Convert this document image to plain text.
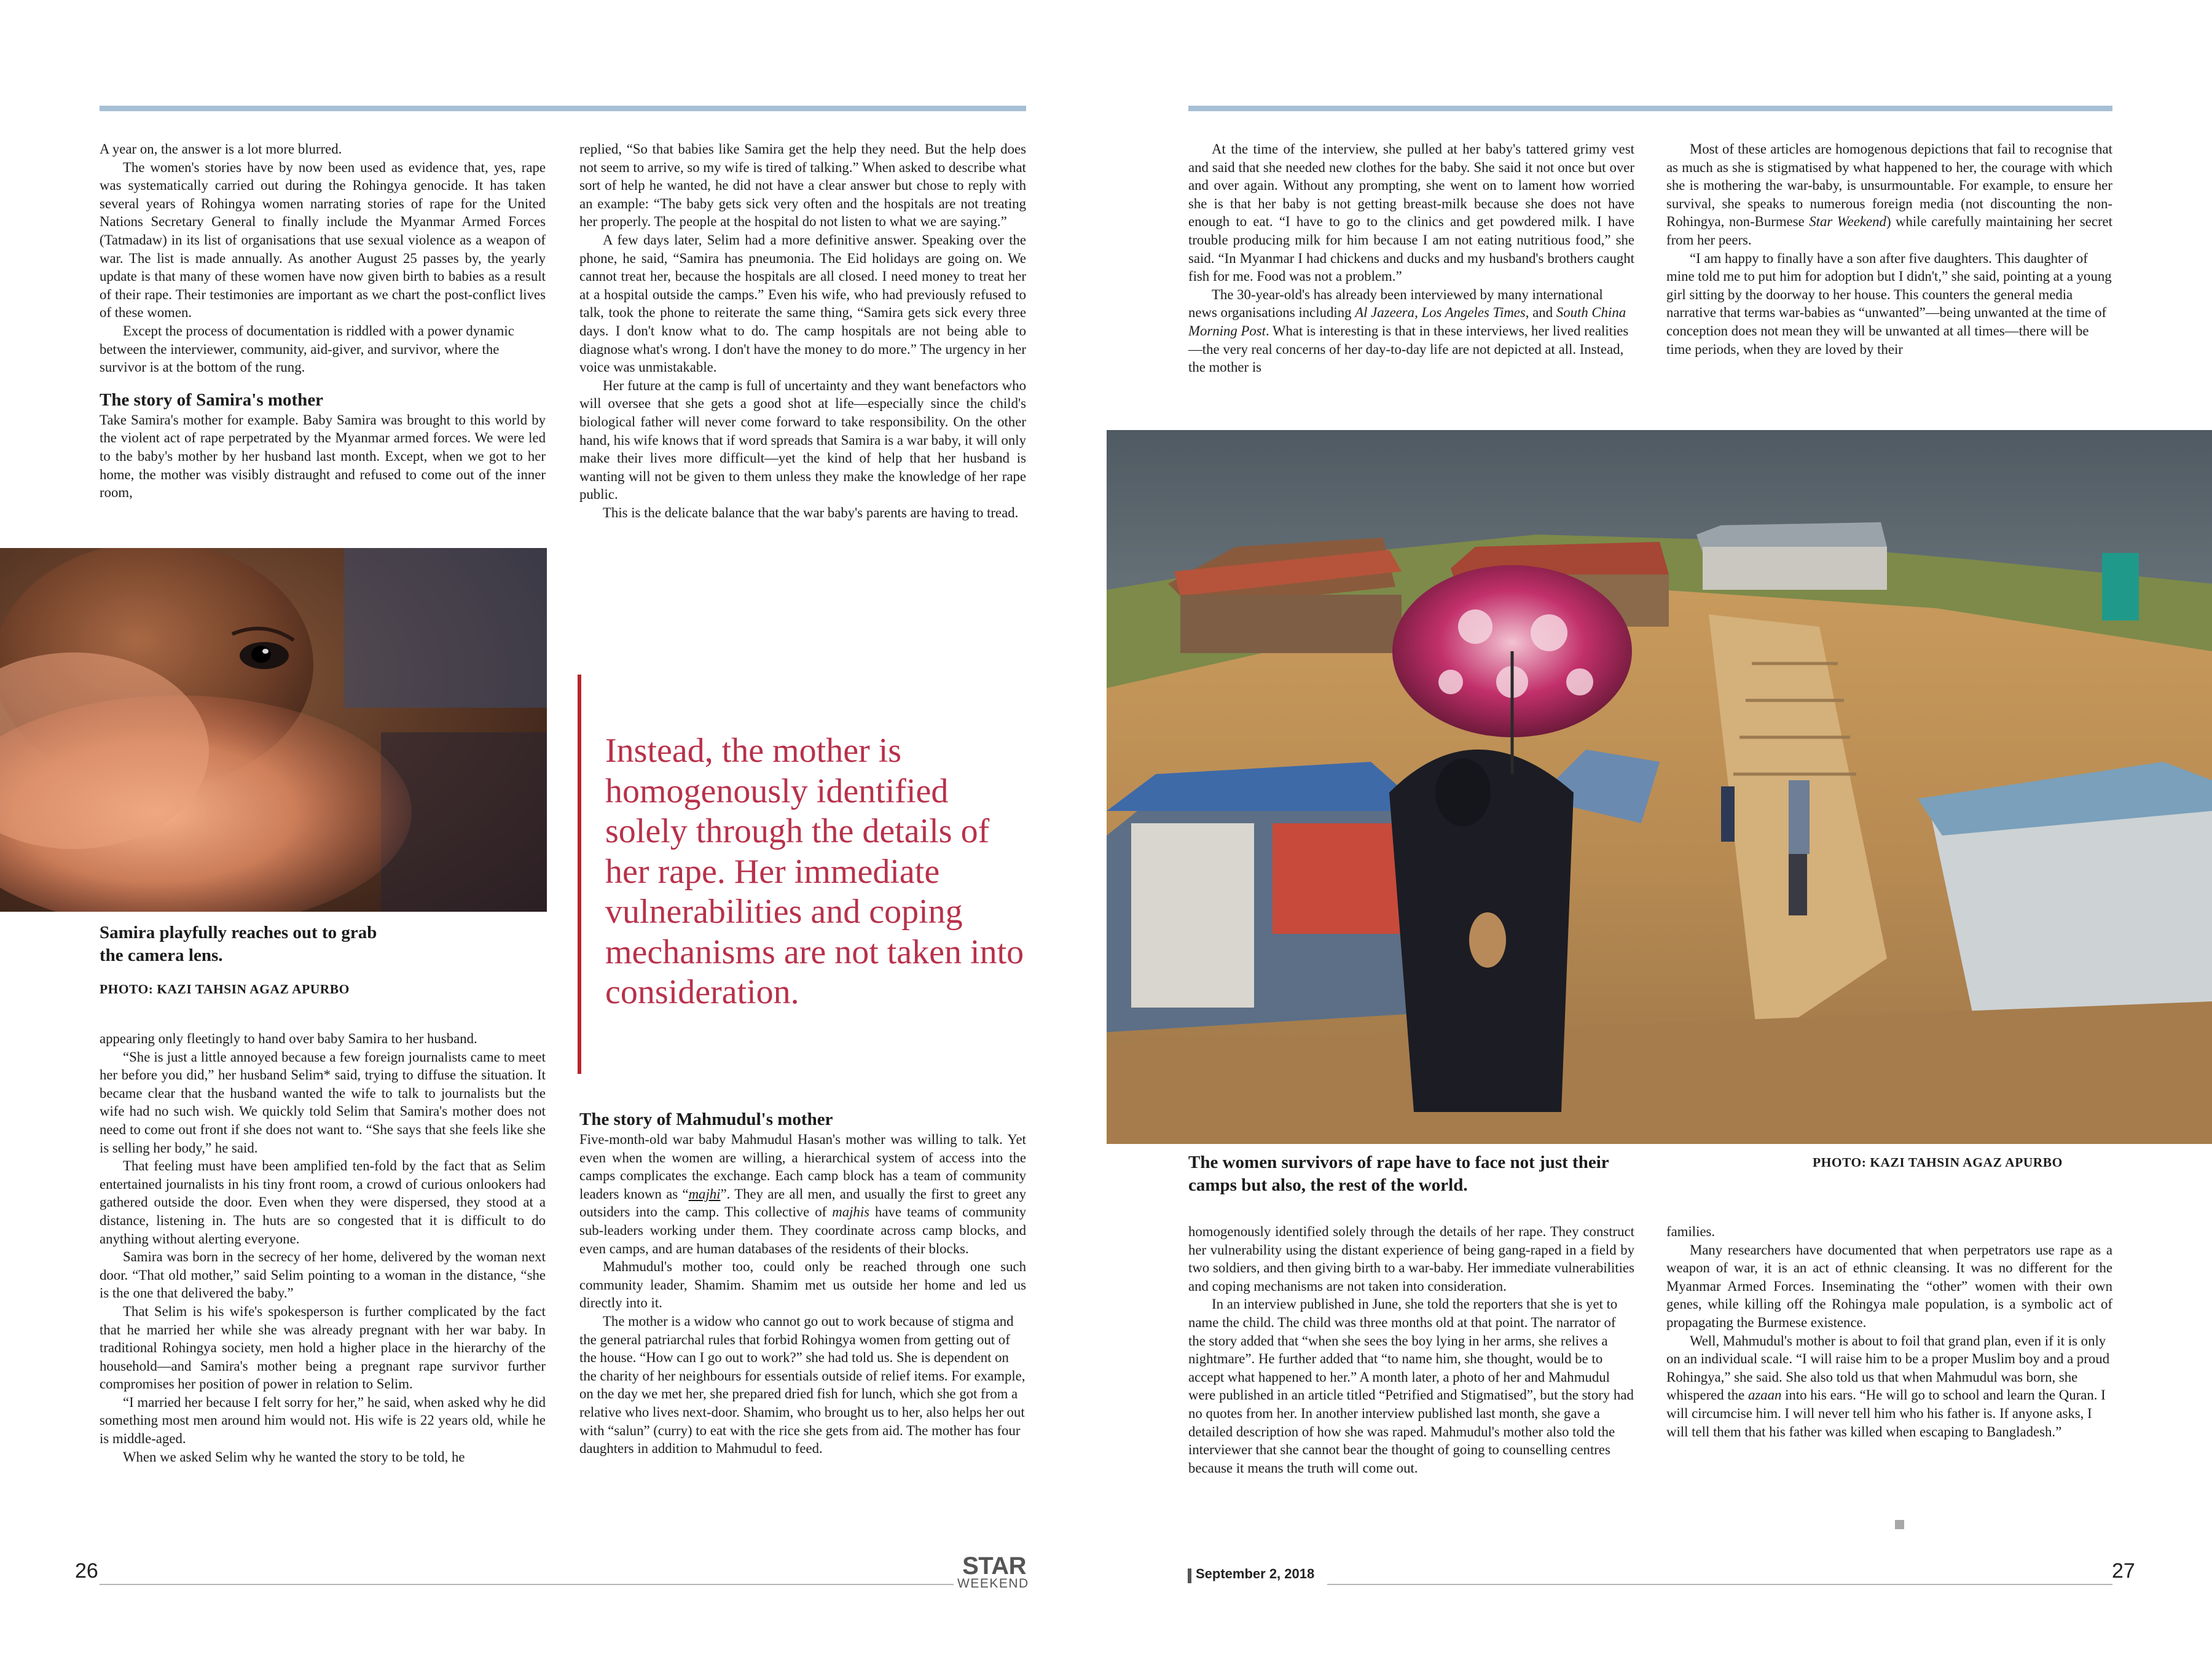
A year on, the answer is a lot more blurred.

The women's stories have by now been used as evidence that, yes, rape was systematically carried out during the Rohingya genocide. It has taken several years of Rohingya women narrating stories of rape for the United Nations Secretary General to finally include the Myanmar Armed Forces (Tatmadaw) in its list of organisations that use sexual violence as a weapon of war. The list is made annually. As another August 25 passes by, the yearly update is that many of these women have now given birth to babies as a result of their rape. Their testimonies are important as we chart the post-conflict lives of these women.

Except the process of documentation is riddled with a power dynamic between the interviewer, community, aid-giver, and survivor, where the survivor is at the bottom of the rung.

The story of Samira's mother

Take Samira's mother for example. Baby Samira was brought to this world by the violent act of rape perpetrated by the Myanmar armed forces. We were led to the baby's mother by her husband last month. Except, when we got to her home, the mother was visibly distraught and refused to come out of the inner room,

Samira playfully reaches out to grab the camera lens.
PHOTO: KAZI TAHSIN AGAZ APURBO

appearing only fleetingly to hand over baby Samira to her husband.

“She is just a little annoyed because a few foreign journalists came to meet her before you did,” her husband Selim* said, trying to diffuse the situation. It became clear that the husband wanted the wife to talk to journalists but the wife had no such wish. We quickly told Selim that Samira's mother does not need to come out front if she does not want to. “She says that she feels like she is selling her body,” he said.

That feeling must have been amplified ten-fold by the fact that as Selim entertained journalists in his tiny front room, a crowd of curious onlookers had gathered outside the door. Even when they were dispersed, they stood at a distance, listening in. The huts are so congested that it is difficult to do anything without alerting everyone.

Samira was born in the secrecy of her home, delivered by the woman next door. “That old mother,” said Selim pointing to a woman in the distance, “she is the one that delivered the baby.”

That Selim is his wife's spokesperson is further complicated by the fact that he married her while she was already pregnant with her war baby. In traditional Rohingya society, men hold a higher place in the hierarchy of the household—and Samira's mother being a pregnant rape survivor further compromises her position of power in relation to Selim.

“I married her because I felt sorry for her,” he said, when asked why he did something most men around him would not. His wife is 22 years old, while he is middle-aged.

When we asked Selim why he wanted the story to be told, he

replied, “So that babies like Samira get the help they need. But the help does not seem to arrive, so my wife is tired of talking.” When asked to describe what sort of help he wanted, he did not have a clear answer but chose to reply with an example: “The baby gets sick very often and the hospitals are not treating her properly. The people at the hospital do not listen to what we are saying.”

A few days later, Selim had a more definitive answer. Speaking over the phone, he said, “Samira has pneumonia. The Eid holidays are going on. We cannot treat her, because the hospitals are all closed. I need money to treat her at a hospital outside the camps.” Even his wife, who had previously refused to talk, took the phone to reiterate the same thing, “Samira gets sick every three days. I don't know what to do. The camp hospitals are not being able to diagnose what's wrong. I don't have the money to do more.” The urgency in her voice was unmistakable.

Her future at the camp is full of uncertainty and they want benefactors who will oversee that she gets a good shot at life—especially since the child's biological father will never come forward to take responsibility. On the other hand, his wife knows that if word spreads that Samira is a war baby, it will only make their lives more difficult—yet the kind of help that her husband is wanting will not be given to them unless they make the knowledge of her rape public.

This is the delicate balance that the war baby's parents are having to tread.

Instead, the mother is homogenously identified solely through the details of her rape. Her immediate vulnerabilities and coping mechanisms are not taken into consideration.
The story of Mahmudul's mother

Five-month-old war baby Mahmudul Hasan's mother was willing to talk. Yet even when the women are willing, a hierarchical system of access into the camps complicates the exchange. Each camp block has a team of community leaders known as “majhi”. They are all men, and usually the first to greet any outsiders into the camp. This collective of majhis have teams of community sub-leaders working under them. They coordinate across camp blocks, and even camps, and are human databases of the residents of their blocks.

Mahmudul's mother too, could only be reached through one such community leader, Shamim. Shamim met us outside her home and led us directly into it.

The mother is a widow who cannot go out to work because of stigma and the general patriarchal rules that forbid Rohingya women from getting out of the house. “How can I go out to work?” she had told us. She is dependent on the charity of her neighbours for essentials outside of relief items. For example, on the day we met her, she prepared dried fish for lunch, which she got from a relative who lives next-door. Shamim, who brought us to her, also helps her out with “salun” (curry) to eat with the rice she gets from aid. The mother has four daughters in addition to Mahmudul to feed.

At the time of the interview, she pulled at her baby's tattered grimy vest and said that she needed new clothes for the baby. She said it not once but over and over again. Without any prompting, she went on to lament how worried she is that her baby is not getting breast-milk because she does not have enough to eat. “I have to go to the clinics and get powdered milk. I have trouble producing milk for him because I am not eating nutritious food,” she said. “In Myanmar I had chickens and ducks and my husband's brothers caught fish for me. Food was not a problem.”

The 30-year-old's has already been interviewed by many international news organisations including Al Jazeera, Los Angeles Times, and South China Morning Post. What is interesting is that in these interviews, her lived realities—the very real concerns of her day-to-day life are not depicted at all. Instead, the mother is

Most of these articles are homogenous depictions that fail to recognise that as much as she is stigmatised by what happened to her, the courage with which she is mothering the war-baby, is unsurmountable. For example, to ensure her survival, she speaks to numerous foreign media (not discounting the non-Rohingya, non-Burmese Star Weekend) while carefully maintaining her secret from her peers.

“I am happy to finally have a son after five daughters. This daughter of mine told me to put him for adoption but I didn't,” she said, pointing at a young girl sitting by the doorway to her house. This counters the general media narrative that terms war-babies as “unwanted”—being unwanted at the time of conception does not mean they will be unwanted at all times—there will be time periods, when they are loved by their

The women survivors of rape have to face not just their camps but also, the rest of the world.
PHOTO: KAZI TAHSIN AGAZ APURBO

homogenously identified solely through the details of her rape. They construct her vulnerability using the distant experience of being gang-raped in a field by two soldiers, and then giving birth to a war-baby. Her immediate vulnerabilities and coping mechanisms are not taken into consideration.

In an interview published in June, she told the reporters that she is yet to name the child. The child was three months old at that point. The narrator of the story added that “when she sees the boy lying in her arms, she relives a nightmare”. He further added that “to name him, she thought, would be to accept what happened to her.” A month later, a photo of her and Mahmudul were published in an article titled “Petrified and Stigmatised”, but the story had no quotes from her. In another interview published last month, she gave a detailed description of how she was raped. Mahmudul's mother also told the interviewer that she cannot bear the thought of going to counselling centres because it means the truth will come out.

families.

Many researchers have documented that when perpetrators use rape as a weapon of war, it is an act of ethnic cleansing. It was no different for the Myanmar Armed Forces. Inseminating the “other” women with their own genes, while killing off the Rohingya male population, is a symbolic act of propagating the Burmese existence.

Well, Mahmudul's mother is about to foil that grand plan, even if it is only on an individual scale. “I will raise him to be a proper Muslim boy and a proud Rohingya,” she said. She also told us that when Mahmudul was born, she whispered the azaan into his ears. “He will go to school and learn the Quran. I will circumcise him. I will never tell him who his father is. If anyone asks, I will tell them that his father was killed when escaping to Bangladesh.”

26	STAR
WEEKEND
September 2, 2018	27
